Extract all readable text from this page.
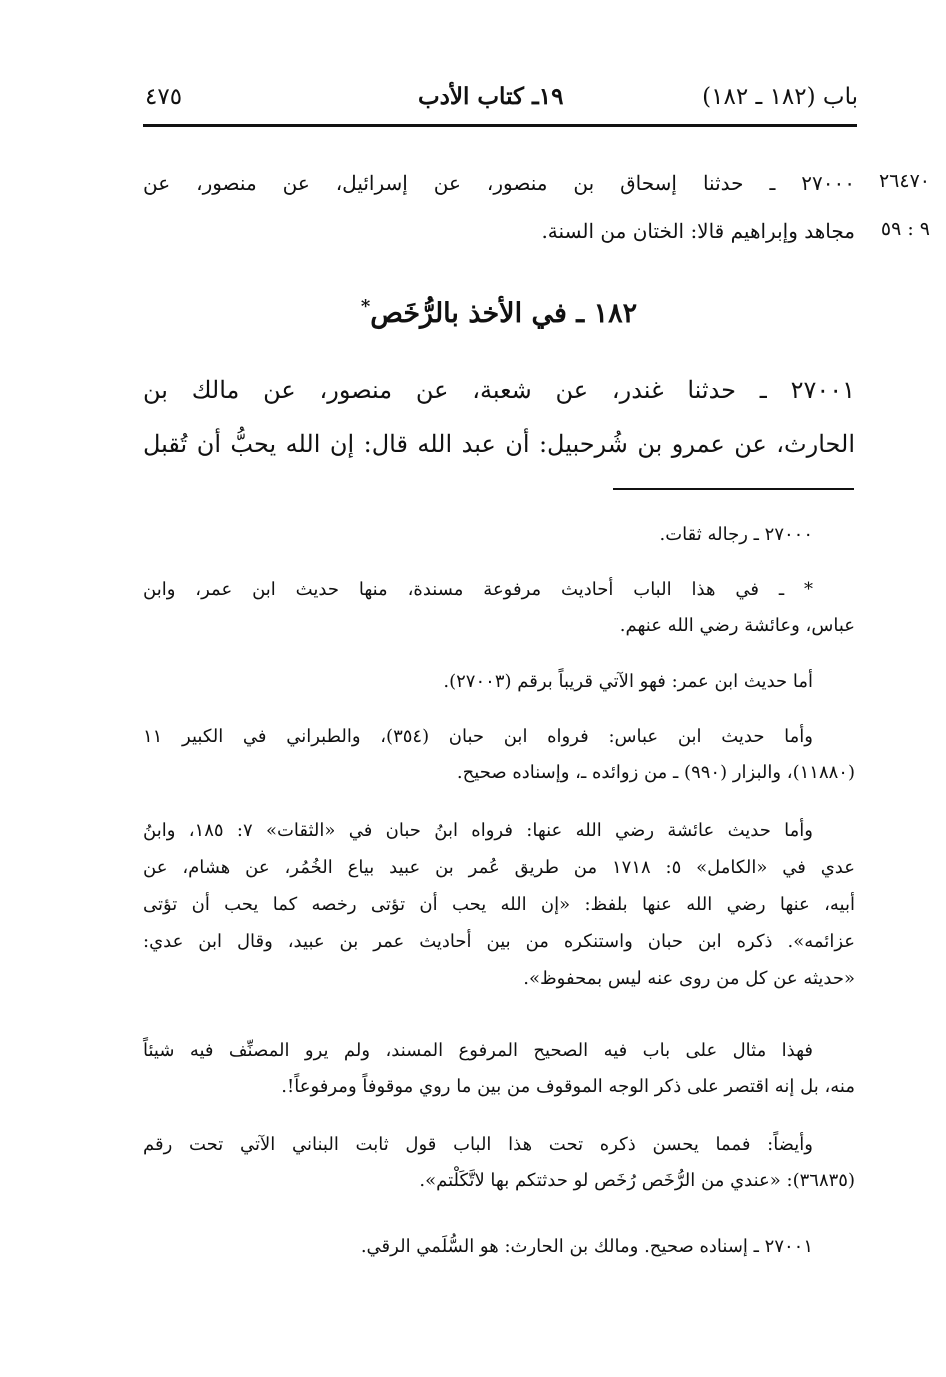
٤٧٥	١٩ـ كتاب الأدب	باب (١٨٢ ـ ١٨٢)
٢٦٤٧٠
٩ : ٥٩
٢٧٠٠٠ ـ حدثنا إسحاق بن منصور، عن إسرائيل، عن منصور، عن
مجاهد وإبراهيم قالا: الختان من السنة.
١٨٢ ـ في الأخذ بالرُّخَص*
٢٧٠٠١ ـ حدثنا غندر، عن شعبة، عن منصور، عن مالك بن
الحارث، عن عمرو بن شُرحبيل: أن عبد الله قال: إن الله يحبُّ أن تُقبل
٢٧٠٠٠ ـ رجاله ثقات.
* ـ في هذا الباب أحاديث مرفوعة مسندة، منها حديث ابن عمر، وابن
عباس، وعائشة رضي الله عنهم.
أما حديث ابن عمر: فهو الآتي قريباً برقم (٢٧٠٠٣).
وأما حديث ابن عباس: فرواه ابن حبان (٣٥٤)، والطبراني في الكبير ١١
(١١٨٨٠)، والبزار (٩٩٠) ـ من زوائده ـ، وإسناده صحيح.
وأما حديث عائشة رضي الله عنها: فرواه ابنُ حبان في «الثقات» ٧: ١٨٥، وابنُ
عدي في «الكامل» ٥: ١٧١٨ من طريق عُمر بن عبيد بياع الخُمُر، عن هشام، عن
أبيه، عنها رضي الله عنها بلفظ: «إن الله يحب أن تؤتى رخصه كما يحب أن تؤتى
عزائمه». ذكره ابن حبان واستنكره من بين أحاديث عمر بن عبيد، وقال ابن عدي:
«حديثه عن كل من روى عنه ليس بمحفوظ».
فهذا مثال على باب فيه الصحيح المرفوع المسند، ولم يرو المصنِّف فيه شيئاً
منه، بل إنه اقتصر على ذكر الوجه الموقوف من بين ما روي موقوفاً ومرفوعاً!.
وأيضاً: فمما يحسن ذكره تحت هذا الباب قول ثابت البناني الآتي تحت رقم
(٣٦٨٣٥): «عندي من الرُّخَص رُخَص لو حدثتكم بها لاتَّكَلْتم».
٢٧٠٠١ ـ إسناده صحيح. ومالك بن الحارث: هو السُّلَمي الرقي.
